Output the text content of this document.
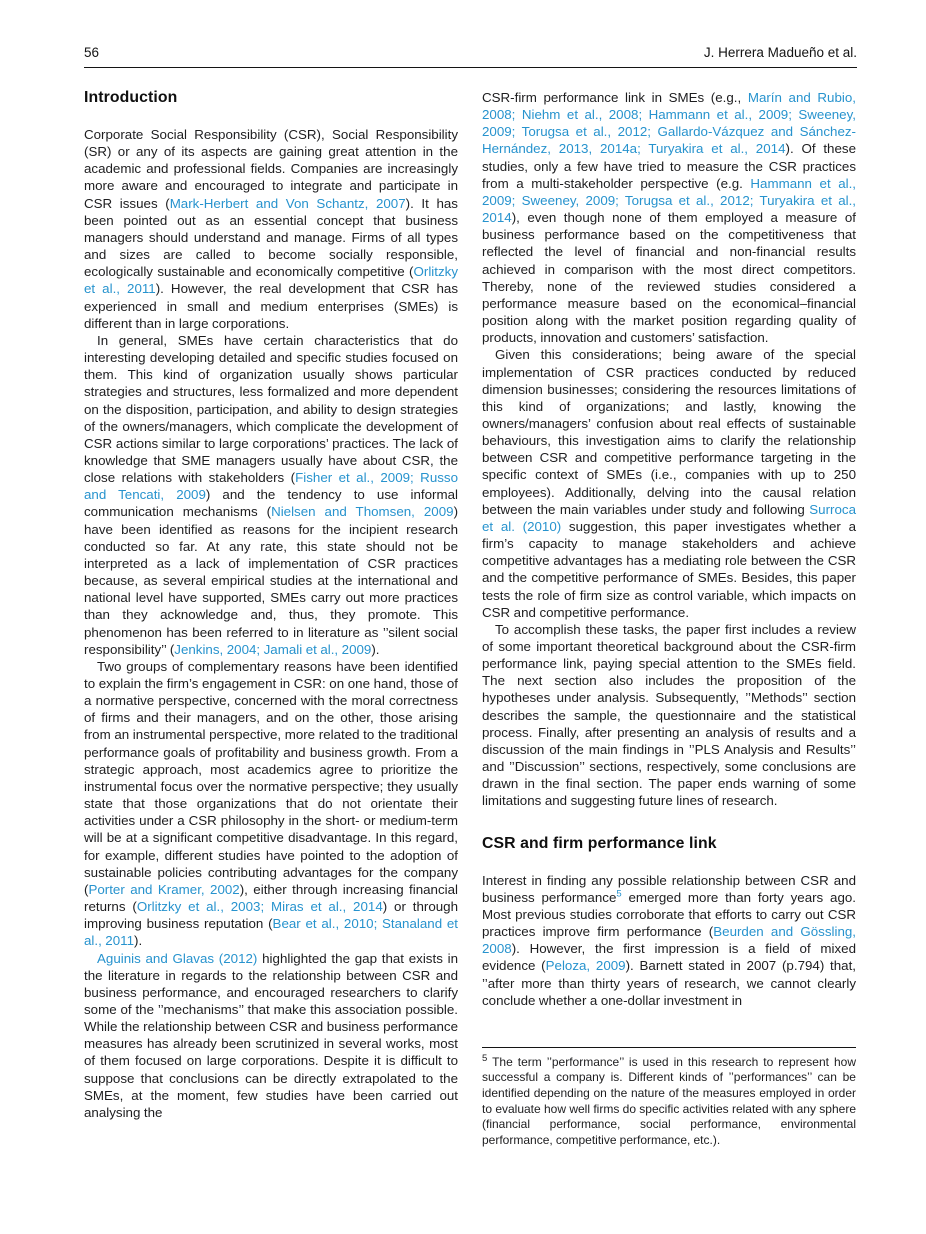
56	J. Herrera Madueño et al.
Introduction

Corporate Social Responsibility (CSR), Social Responsibility (SR) or any of its aspects are gaining great attention in the academic and professional fields. Companies are increasingly more aware and encouraged to integrate and participate in CSR issues (Mark-Herbert and Von Schantz, 2007). It has been pointed out as an essential concept that business managers should understand and manage. Firms of all types and sizes are called to become socially responsible, ecologically sustainable and economically competitive (Orlitzky et al., 2011). However, the real development that CSR has experienced in small and medium enterprises (SMEs) is different than in large corporations.

In general, SMEs have certain characteristics that do interesting developing detailed and specific studies focused on them. This kind of organization usually shows particular strategies and structures, less formalized and more dependent on the disposition, participation, and ability to design strategies of the owners/managers, which complicate the development of CSR actions similar to large corporations’ practices. The lack of knowledge that SME managers usually have about CSR, the close relations with stakeholders (Fisher et al., 2009; Russo and Tencati, 2009) and the tendency to use informal communication mechanisms (Nielsen and Thomsen, 2009) have been identified as reasons for the incipient research conducted so far. At any rate, this state should not be interpreted as a lack of implementation of CSR practices because, as several empirical studies at the international and national level have supported, SMEs carry out more practices than they acknowledge and, thus, they promote. This phenomenon has been referred to in literature as ’’silent social responsibility’’ (Jenkins, 2004; Jamali et al., 2009).

Two groups of complementary reasons have been identified to explain the firm’s engagement in CSR: on one hand, those of a normative perspective, concerned with the moral correctness of firms and their managers, and on the other, those arising from an instrumental perspective, more related to the traditional performance goals of profitability and business growth. From a strategic approach, most academics agree to prioritize the instrumental focus over the normative perspective; they usually state that those organizations that do not orientate their activities under a CSR philosophy in the short- or medium-term will be at a significant competitive disadvantage. In this regard, for example, different studies have pointed to the adoption of sustainable policies contributing advantages for the company (Porter and Kramer, 2002), either through increasing financial returns (Orlitzky et al., 2003; Miras et al., 2014) or through improving business reputation (Bear et al., 2010; Stanaland et al., 2011).

Aguinis and Glavas (2012) highlighted the gap that exists in the literature in regards to the relationship between CSR and business performance, and encouraged researchers to clarify some of the ’’mechanisms’’ that make this association possible. While the relationship between CSR and business performance measures has already been scrutinized in several works, most of them focused on large corporations. Despite it is difficult to suppose that conclusions can be directly extrapolated to the SMEs, at the moment, few studies have been carried out analysing the

CSR-firm performance link in SMEs (e.g., Marín and Rubio, 2008; Niehm et al., 2008; Hammann et al., 2009; Sweeney, 2009; Torugsa et al., 2012; Gallardo-Vázquez and Sánchez-Hernández, 2013, 2014a; Turyakira et al., 2014). Of these studies, only a few have tried to measure the CSR practices from a multi-stakeholder perspective (e.g. Hammann et al., 2009; Sweeney, 2009; Torugsa et al., 2012; Turyakira et al., 2014), even though none of them employed a measure of business performance based on the competitiveness that reflected the level of financial and non-financial results achieved in comparison with the most direct competitors. Thereby, none of the reviewed studies considered a performance measure based on the economical–financial position along with the market position regarding quality of products, innovation and customers’ satisfaction.

Given this considerations; being aware of the special implementation of CSR practices conducted by reduced dimension businesses; considering the resources limitations of this kind of organizations; and lastly, knowing the owners/managers’ confusion about real effects of sustainable behaviours, this investigation aims to clarify the relationship between CSR and competitive performance targeting in the specific context of SMEs (i.e., companies with up to 250 employees). Additionally, delving into the causal relation between the main variables under study and following Surroca et al. (2010) suggestion, this paper investigates whether a firm’s capacity to manage stakeholders and achieve competitive advantages has a mediating role between the CSR and the competitive performance of SMEs. Besides, this paper tests the role of firm size as control variable, which impacts on CSR and competitive performance.

To accomplish these tasks, the paper first includes a review of some important theoretical background about the CSR-firm performance link, paying special attention to the SMEs field. The next section also includes the proposition of the hypotheses under analysis. Subsequently, ’’Methods’’ section describes the sample, the questionnaire and the statistical process. Finally, after presenting an analysis of results and a discussion of the main findings in ’’PLS Analysis and Results’’ and ’’Discussion’’ sections, respectively, some conclusions are drawn in the final section. The paper ends warning of some limitations and suggesting future lines of research.

CSR and firm performance link

Interest in finding any possible relationship between CSR and business performance$^5$ emerged more than forty years ago. Most previous studies corroborate that efforts to carry out CSR practices improve firm performance (Beurden and Gössling, 2008). However, the first impression is a field of mixed evidence (Peloza, 2009). Barnett stated in 2007 (p.794) that, ’’after more than thirty years of research, we cannot clearly conclude whether a one-dollar investment in

$^5$ The term ’’performance’’ is used in this research to represent how successful a company is. Different kinds of ’’performances’’ can be identified depending on the nature of the measures employed in order to evaluate how well firms do specific activities related with any sphere (financial performance, social performance, environmental performance, competitive performance, etc.).
